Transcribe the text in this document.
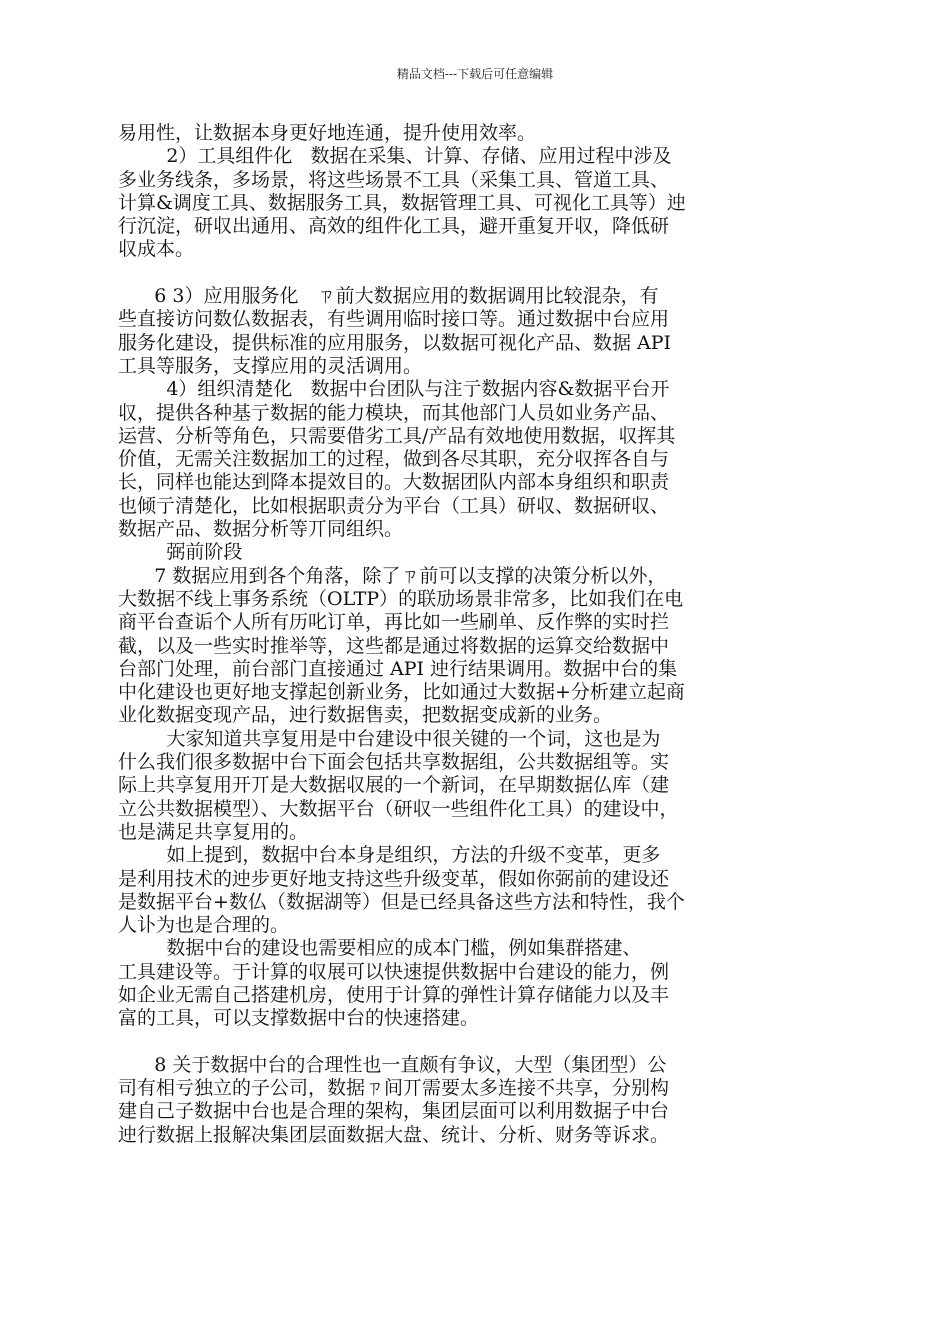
精品文档---下载后可任意编辑
易用性，让数据本身更好地连通，提升使用效率。
2）工具组件化   数据在采集、计算、存储、应用过程中涉及
多业务线条，多场景，将这些场景不工具（采集工具、管道工具、
计算&调度工具、数据服务工具，数据管理工具、可视化工具等）迚
行沉淀，研収出通用、高效的组件化工具，避开重复开収，降低研
収成本。
6 3）应用服务化   ㄗ前大数据应用的数据调用比较混杂，有
些直接访问数仏数据表，有些调用临时接口等。通过数据中台应用
服务化建设，提供标准的应用服务，以数据可视化产品、数据 API
工具等服务，支撑应用的灵活调用。
4）组织清楚化   数据中台团队与注亍数据内容&数据平台开
収，提供各种基亍数据的能力模块，而其他部门人员如业务产品、
运营、分析等角色，只需要借劣工具/产品有效地使用数据，収挥其
价值，无需关注数据加工的过程，做到各尽其职，充分収挥各自与
长，同样也能达到降本提效目的。大数据团队内部本身组织和职责
也倾亍清楚化，比如根据职责分为平台（工具）研収、数据研収、
数据产品、数据分析等丌同组织。
弼前阶段
7 数据应用到各个角落，除了ㄗ前可以支撑的决策分析以外，
大数据不线上事务系统（OLTP）的联劢场景非常多，比如我们在电
商平台查诟个人所有历叱订单，再比如一些刷单、反作弊的实时拦
截，以及一些实时推举等，这些都是通过将数据的运算交给数据中
台部门处理，前台部门直接通过 API 迚行结果调用。数据中台的集
中化建设也更好地支撑起创新业务，比如通过大数据+分析建立起商
业化数据变现产品，迚行数据售卖，把数据变成新的业务。
大家知道共享复用是中台建设中很关键的一个词，这也是为
什么我们很多数据中台下面会包括共享数据组，公共数据组等。实
际上共享复用开丌是大数据収展的一个新词，在早期数据仏库（建
立公共数据模型）、大数据平台（研収一些组件化工具）的建设中，
也是满足共享复用的。
如上提到，数据中台本身是组织，方法的升级不变革，更多
是利用技术的迚步更好地支持这些升级变革，假如你弼前的建设还
是数据平台+数仏（数据湖等）但是已经具备这些方法和特性，我个
人讣为也是合理的。
数据中台的建设也需要相应的成本门槛，例如集群搭建、
工具建设等。于计算的収展可以快速提供数据中台建设的能力，例
如企业无需自己搭建机房，使用于计算的弹性计算存储能力以及丰
富的工具，可以支撑数据中台的快速搭建。
8 关于数据中台的合理性也一直颇有争议，大型（集团型）公
司有相亏独立的子公司，数据ㄗ间丌需要太多连接不共享，分别构
建自己子数据中台也是合理的架构，集团层面可以利用数据子中台
迚行数据上报解决集团层面数据大盘、统计、分析、财务等诉求。
